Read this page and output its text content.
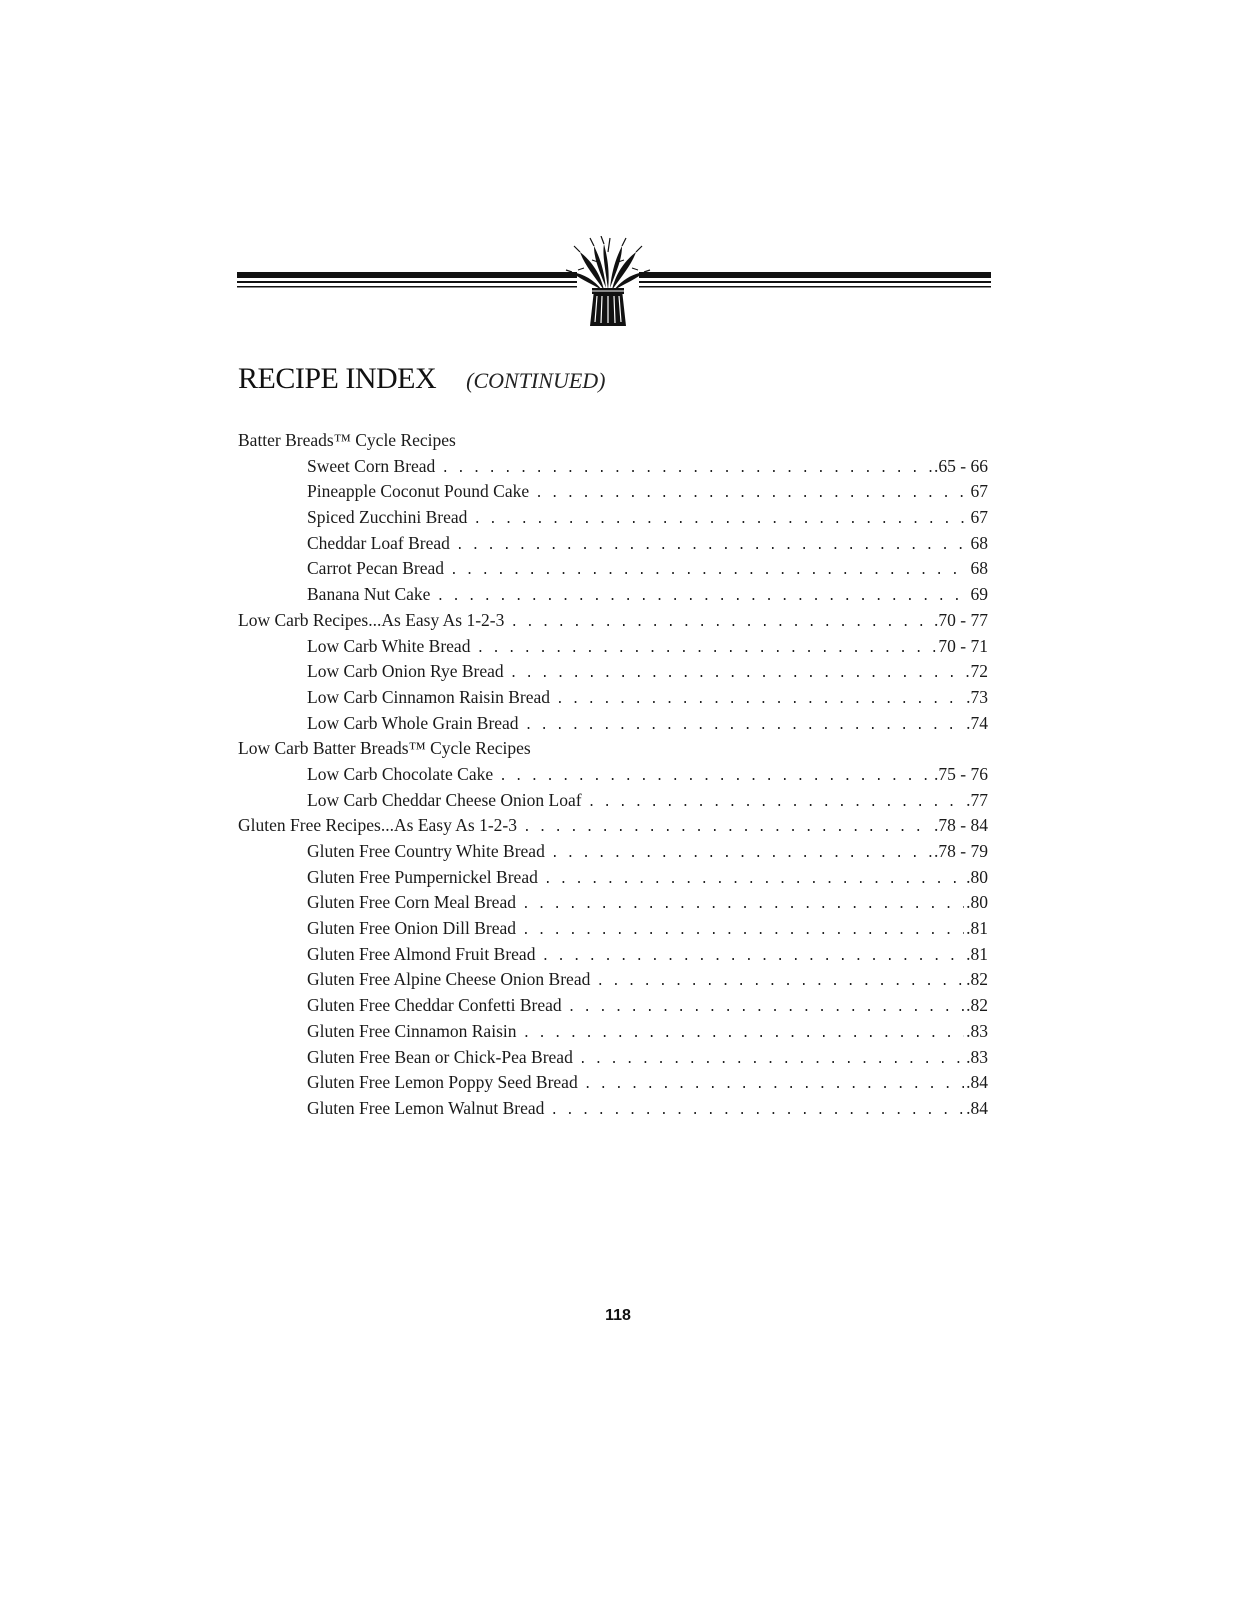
RECIPE INDEX (CONTINUED)
Batter Breads™ Cycle Recipes
Sweet Corn Bread . . .	.65 - 66
Pineapple Coconut Pound Cake . . .	67
Spiced Zucchini Bread . . .	67
Cheddar Loaf Bread . . .	68
Carrot Pecan Bread . . .	68
Banana Nut Cake . . .	69
Low Carb Recipes...As Easy As 1-2-3 . . .	.70 - 77
Low Carb White Bread . . .	70 - 71
Low Carb Onion Rye Bread . . .	72
Low Carb Cinnamon Raisin Bread . . .	.73
Low Carb Whole Grain Bread . . .	.74
Low Carb Batter Breads™ Cycle Recipes
Low Carb Chocolate Cake . . .	.75 - 76
Low Carb Cheddar Cheese Onion Loaf . . .	.77
Gluten Free Recipes...As Easy As 1-2-3 . . .	.78 - 84
Gluten Free Country White Bread . . .	.78 - 79
Gluten Free Pumpernickel Bread . . .	.80
Gluten Free Corn Meal Bread . . .	.80
Gluten Free Onion Dill Bread . . .	.81
Gluten Free Almond Fruit Bread . . .	.81
Gluten Free Alpine Cheese Onion Bread . . .	.82
Gluten Free Cheddar Confetti Bread . . .	.82
Gluten Free Cinnamon Raisin . . .	.83
Gluten Free Bean or Chick-Pea Bread . . .	.83
Gluten Free Lemon Poppy Seed Bread . . .	.84
Gluten Free Lemon Walnut Bread . . .	.84
118
